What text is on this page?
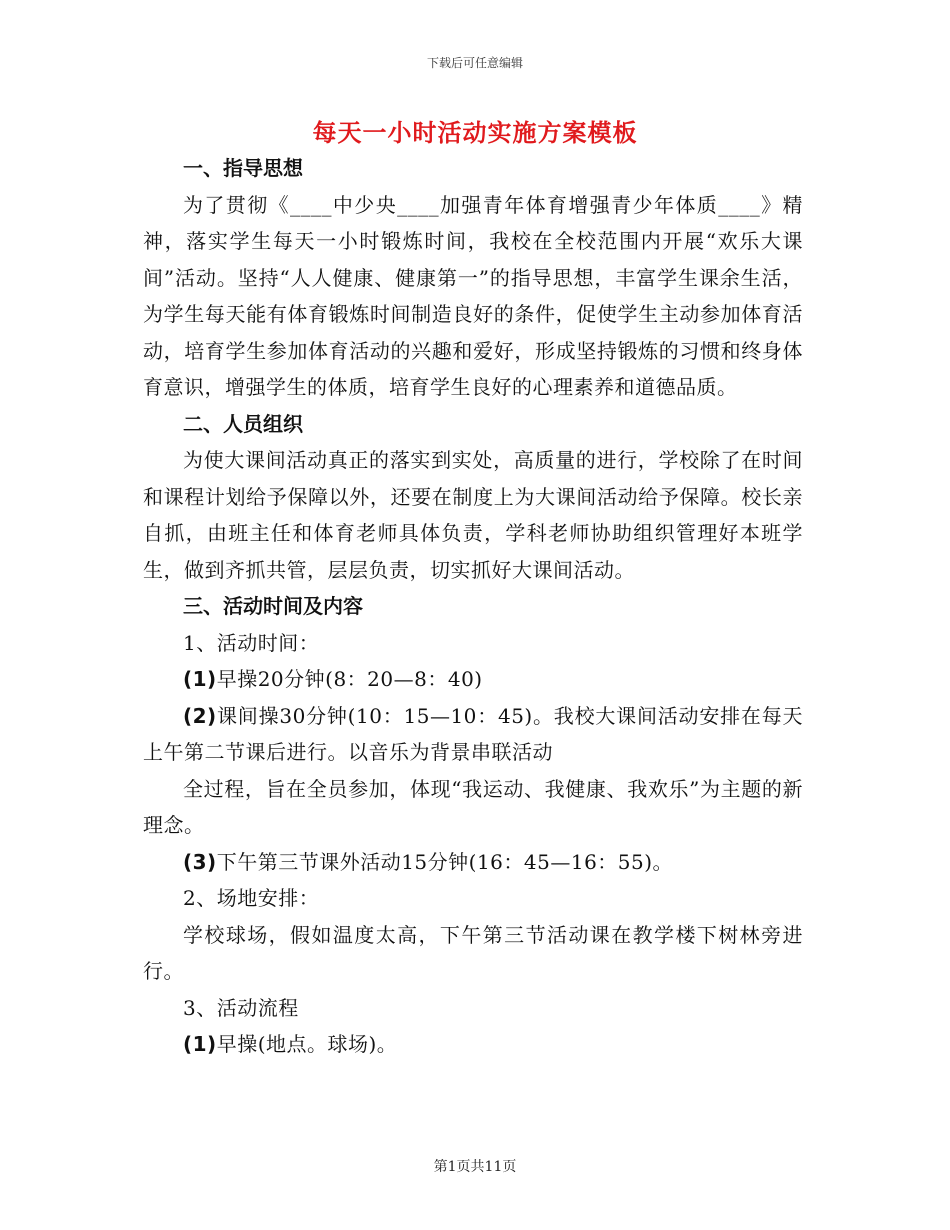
下载后可任意编辑
每天一小时活动实施方案模板

一、指导思想

为了贯彻《____中少央____加强青年体育增强青少年体质____》精神，落实学生每天一小时锻炼时间，我校在全校范围内开展“欢乐大课间”活动。坚持“人人健康、健康第一”的指导思想，丰富学生课余生活，为学生每天能有体育锻炼时间制造良好的条件，促使学生主动参加体育活动，培育学生参加体育活动的兴趣和爱好，形成坚持锻炼的习惯和终身体育意识，增强学生的体质，培育学生良好的心理素养和道德品质。

二、人员组织

为使大课间活动真正的落实到实处，高质量的进行，学校除了在时间和课程计划给予保障以外，还要在制度上为大课间活动给予保障。校长亲自抓，由班主任和体育老师具体负责，学科老师协助组织管理好本班学生，做到齐抓共管，层层负责，切实抓好大课间活动。

三、活动时间及内容

1、活动时间：

(1)早操20分钟(8：20—8：40)

(2)课间操30分钟(10：15—10：45)。我校大课间活动安排在每天上午第二节课后进行。以音乐为背景串联活动

全过程，旨在全员参加，体现“我运动、我健康、我欢乐”为主题的新理念。

(3)下午第三节课外活动15分钟(16：45—16：55)。

2、场地安排：

学校球场，假如温度太高，下午第三节活动课在教学楼下树林旁进行。

3、活动流程

(1)早操(地点。球场)。

第1页共11页
